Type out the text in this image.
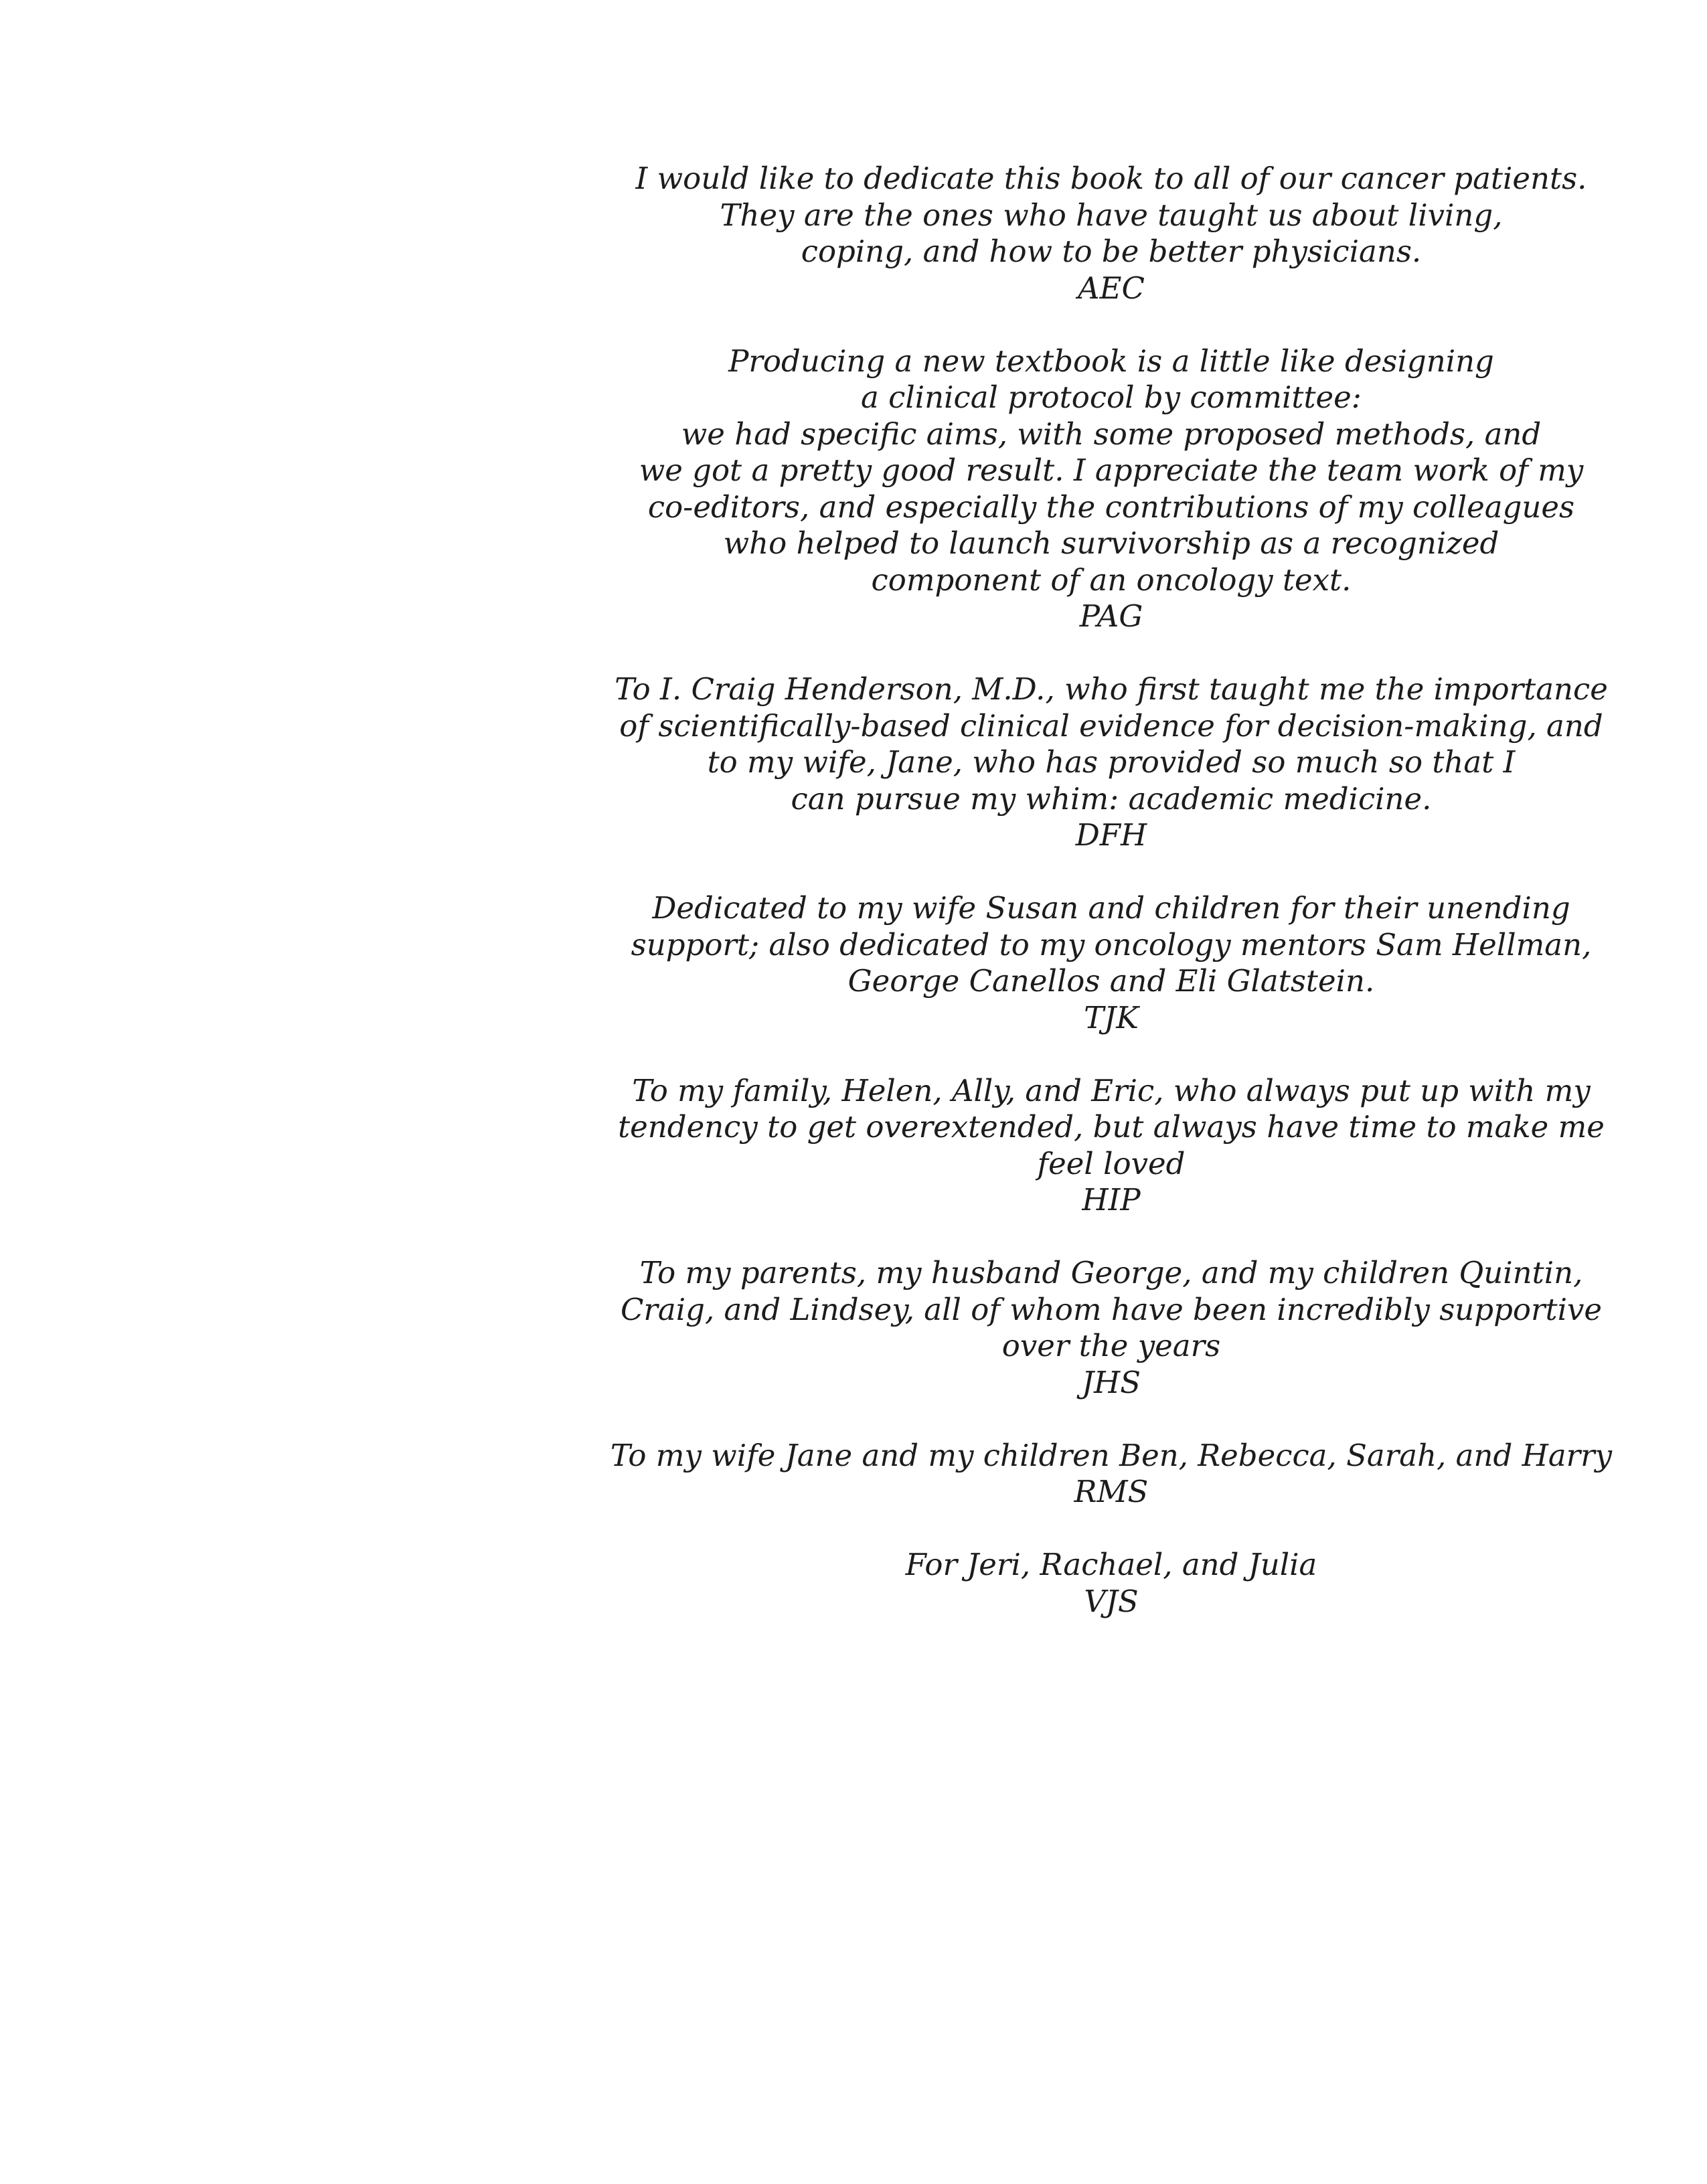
I would like to dedicate this book to all of our cancer patients.
They are the ones who have taught us about living,
coping, and how to be better physicians.
AEC
Producing a new textbook is a little like designing
a clinical protocol by committee:
we had specific aims, with some proposed methods, and
we got a pretty good result. I appreciate the team work of my
co-editors, and especially the contributions of my colleagues
who helped to launch survivorship as a recognized
component of an oncology text.
PAG
To I. Craig Henderson, M.D., who first taught me the importance
of scientifically-based clinical evidence for decision-making, and
to my wife, Jane, who has provided so much so that I
can pursue my whim: academic medicine.
DFH
Dedicated to my wife Susan and children for their unending
support; also dedicated to my oncology mentors Sam Hellman,
George Canellos and Eli Glatstein.
TJK
To my family, Helen, Ally, and Eric, who always put up with my
tendency to get overextended, but always have time to make me
feel loved
HIP
To my parents, my husband George, and my children Quintin,
Craig, and Lindsey, all of whom have been incredibly supportive
over the years
JHS
To my wife Jane and my children Ben, Rebecca, Sarah, and Harry
RMS
For Jeri, Rachael, and Julia
VJS
